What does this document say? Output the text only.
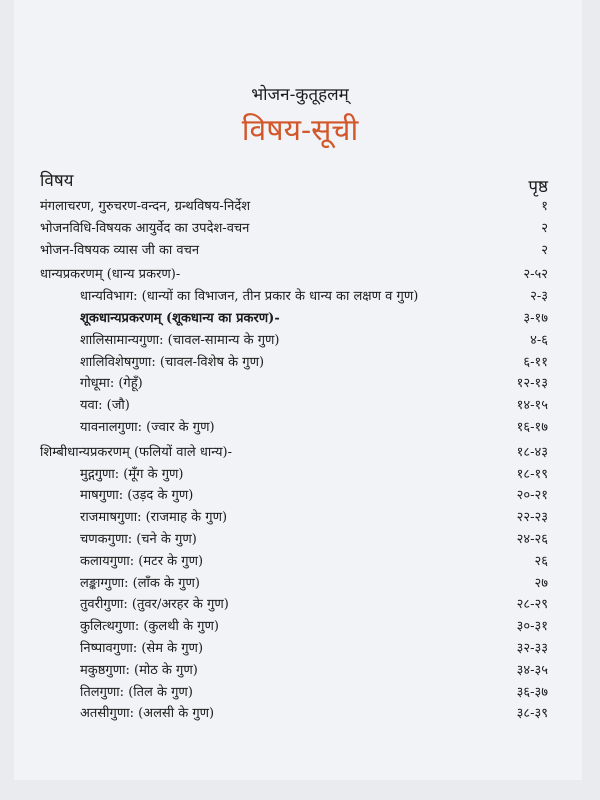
भोजन-कुतूहलम्
विषय-सूची
विषय	पृष्ठ
मंगलाचरण, गुरुचरण-वन्दन, ग्रन्थविषय-निर्देश	१
भोजनविधि-विषयक आयुर्वेद का उपदेश-वचन	२
भोजन-विषयक व्यास जी का वचन	२
धान्यप्रकरणम् (धान्य प्रकरण)-	२-५२
धान्यविभाग: (धान्यों का विभाजन, तीन प्रकार के धान्य का लक्षण व गुण)	२-३
शूकधान्यप्रकरणम् (शूकधान्य का प्रकरण)-	३-१७
शालिसामान्यगुणा: (चावल-सामान्य के गुण)	४-६
शालिविशेषगुणा: (चावल-विशेष के गुण)	६-११
गोधूमा: (गेहूँ)	१२-१३
यवा: (जौ)	१४-१५
यावनालगुणा: (ज्वार के गुण)	१६-१७
शिम्बीधान्यप्रकरणम् (फलियों वाले धान्य)-	१८-४३
मुद्गगुणा: (मूँग के गुण)	१८-१९
माषगुणा: (उड़द के गुण)	२०-२१
राजमाषगुणा: (राजमाह के गुण)	२२-२३
चणकगुणा: (चने के गुण)	२४-२६
कलायगुणा: (मटर के गुण)	२६
लङ्काग्गुणा: (लाँक के गुण)	२७
तुवरीगुणा: (तुवर/अरहर के गुण)	२८-२९
कुलित्थगुणा: (कुलथी के गुण)	३०-३१
निष्पावगुणा: (सेम के गुण)	३२-३३
मकुष्ठगुणा: (मोठ के गुण)	३४-३५
तिलगुणा: (तिल के गुण)	३६-३७
अतसीगुणा: (अलसी के गुण)	३८-३९
